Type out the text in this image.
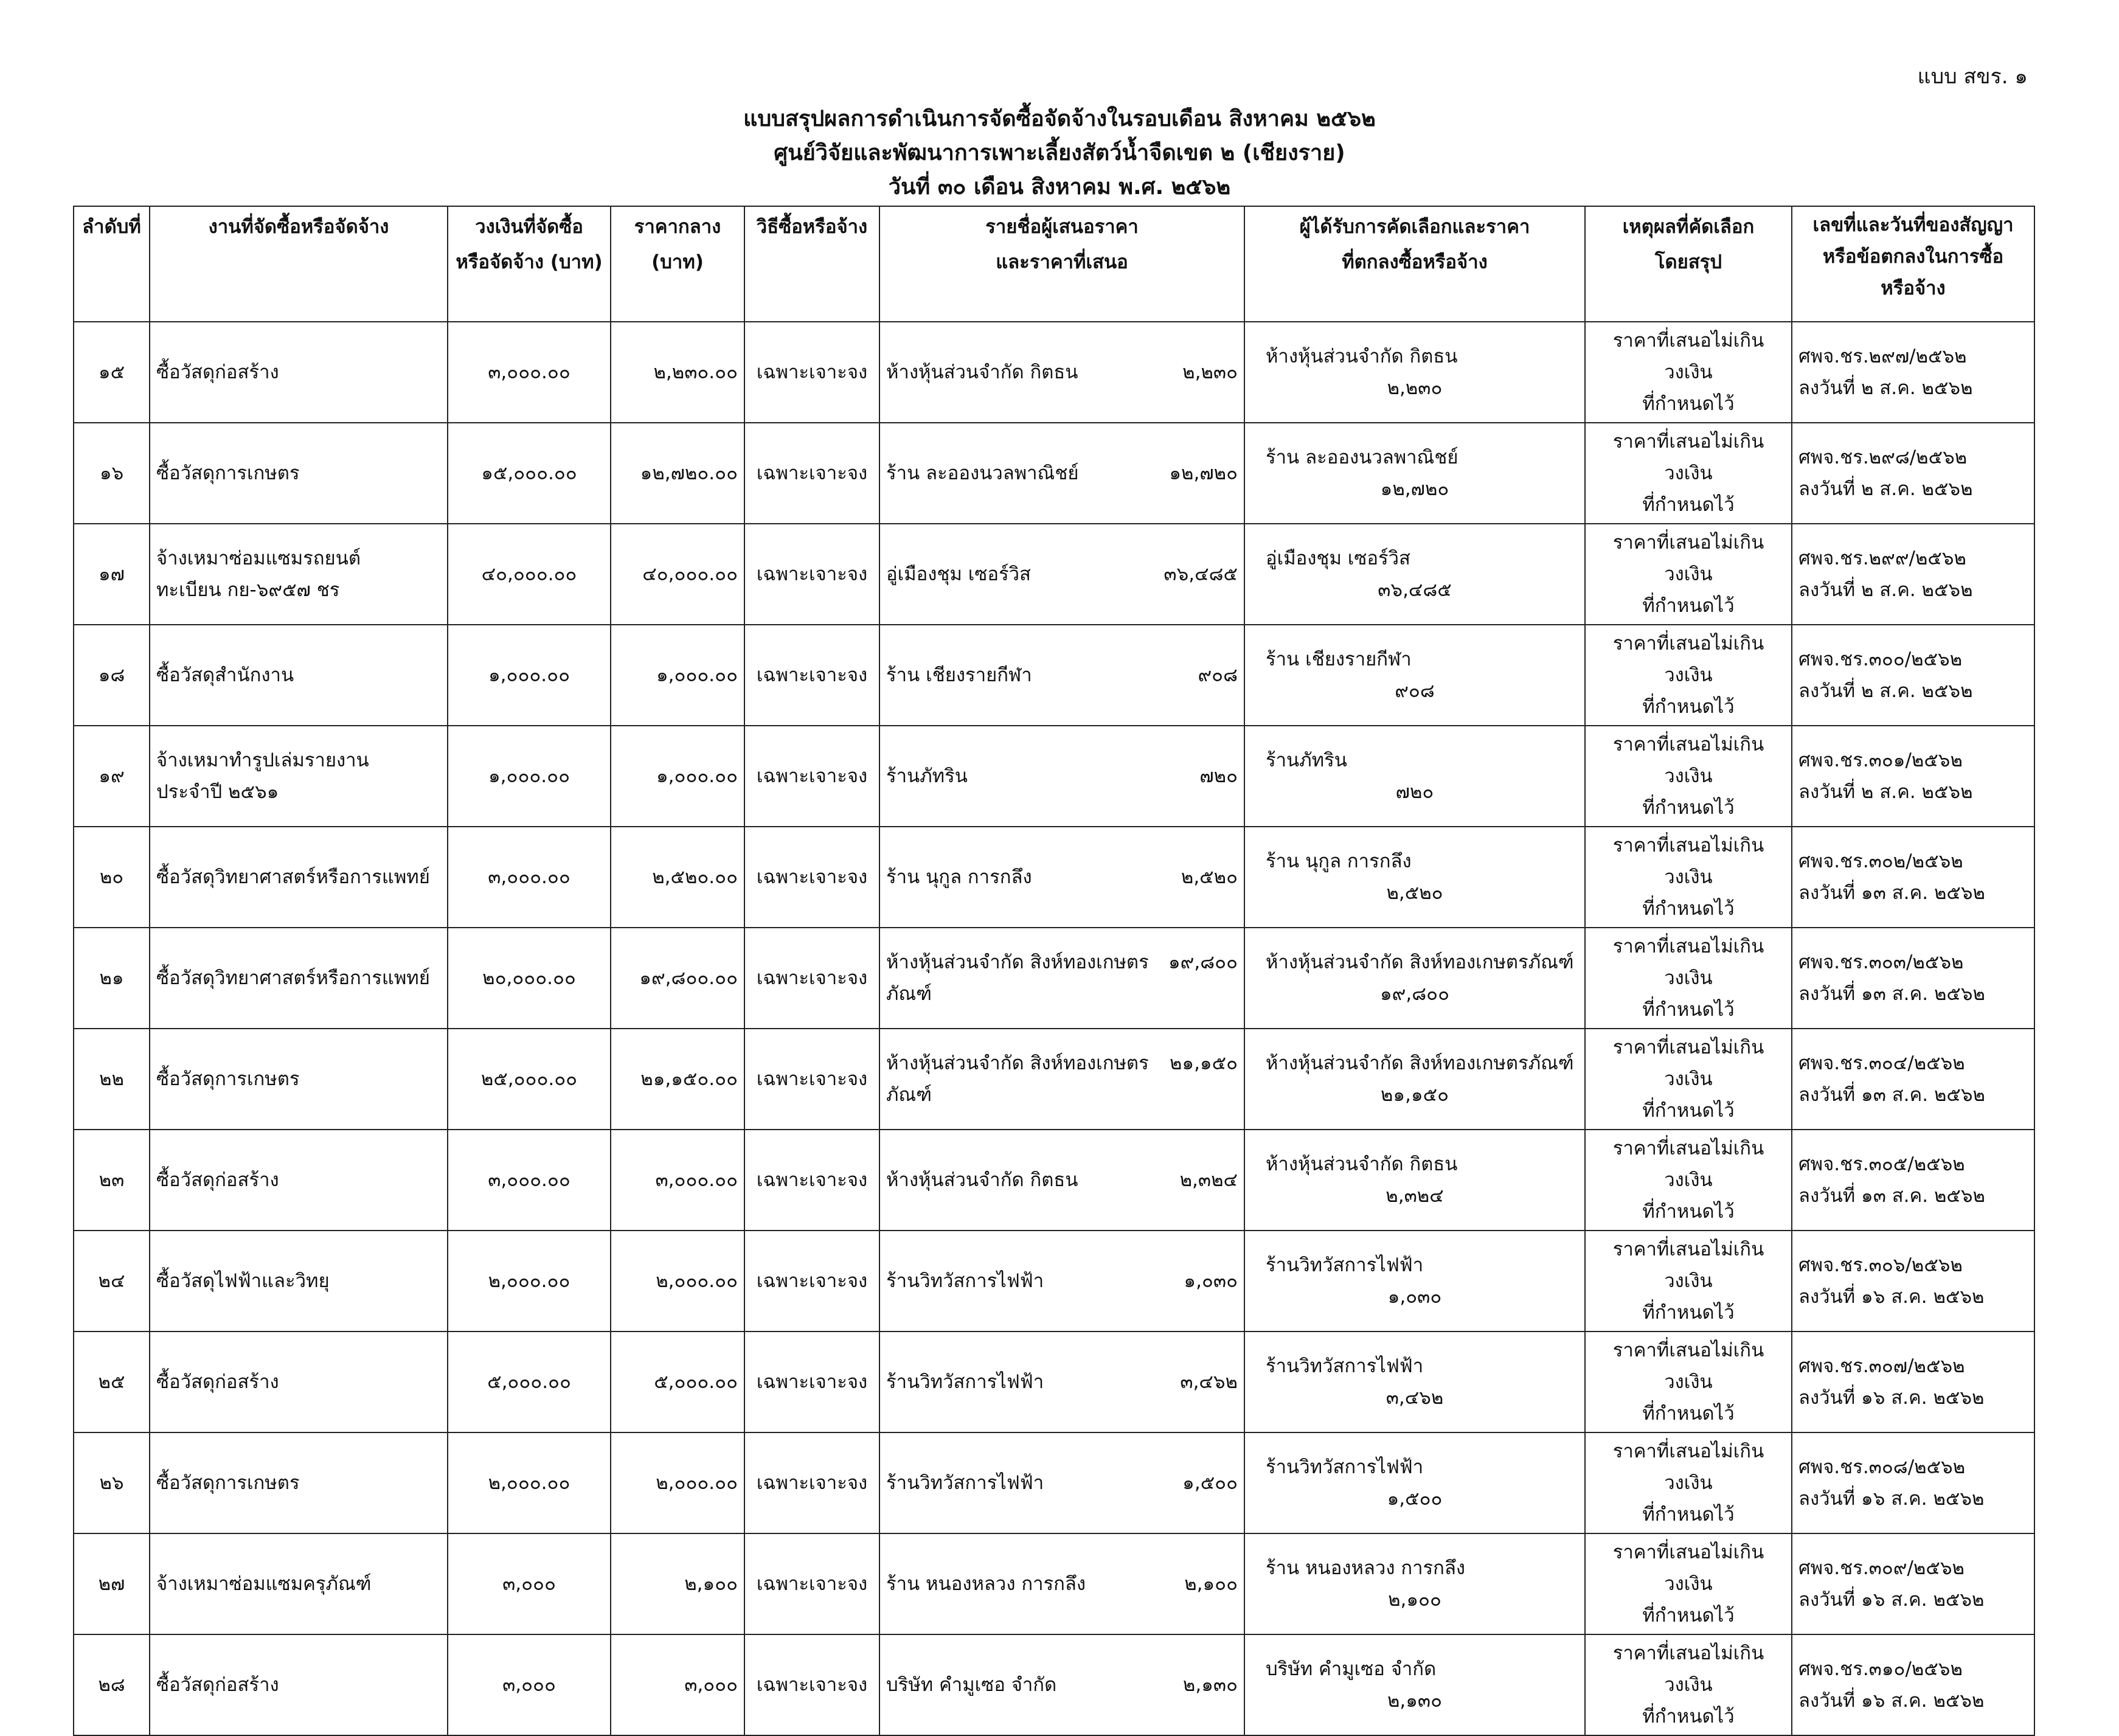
แบบ สขร. ๑
แบบสรุปผลการดำเนินการจัดซื้อจัดจ้างในรอบเดือน สิงหาคม ๒๕๖๒
ศูนย์วิจัยและพัฒนาการเพาะเลี้ยงสัตว์น้ำจืดเขต ๒ (เชียงราย)
วันที่ ๓๐ เดือน สิงหาคม พ.ศ. ๒๕๖๒
ลำดับที่	งานที่จัดซื้อหรือจัดจ้าง	วงเงินที่จัดซื้อ
หรือจัดจ้าง (บาท)	ราคากลาง
(บาท)	วิธีซื้อหรือจ้าง	รายชื่อผู้เสนอราคา
และราคาที่เสนอ	ผู้ได้รับการคัดเลือกและราคา
ที่ตกลงซื้อหรือจ้าง	เหตุผลที่คัดเลือก
โดยสรุป	เลขที่และวันที่ของสัญญา
หรือข้อตกลงในการซื้อ
หรือจ้าง

๑๕	ซื้อวัสดุก่อสร้าง	๓,๐๐๐.๐๐	๒,๒๓๐.๐๐	เฉพาะเจาะจง	ห้างหุ้นส่วนจำกัด กิตธน ๒,๒๓๐	ห้างหุ้นส่วนจำกัด กิตธน
๒,๒๓๐	ราคาที่เสนอไม่เกินวงเงิน
ที่กำหนดไว้	ศพจ.ชร.๒๙๗/๒๕๖๒
ลงวันที่ ๒ ส.ค. ๒๕๖๒

๑๖	ซื้อวัสดุการเกษตร	๑๕,๐๐๐.๐๐	๑๒,๗๒๐.๐๐	เฉพาะเจาะจง	ร้าน ละอองนวลพาณิชย์ ๑๒,๗๒๐	ร้าน ละอองนวลพาณิชย์
๑๒,๗๒๐	ราคาที่เสนอไม่เกินวงเงิน
ที่กำหนดไว้	ศพจ.ชร.๒๙๘/๒๕๖๒
ลงวันที่ ๒ ส.ค. ๒๕๖๒

๑๗	จ้างเหมาซ่อมแซมรถยนต์
ทะเบียน กย-๖๙๕๗ ชร	๔๐,๐๐๐.๐๐	๔๐,๐๐๐.๐๐	เฉพาะเจาะจง	อู่เมืองชุม เซอร์วิส ๓๖,๔๘๕	อู่เมืองชุม เซอร์วิส
๓๖,๔๘๕	ราคาที่เสนอไม่เกินวงเงิน
ที่กำหนดไว้	ศพจ.ชร.๒๙๙/๒๕๖๒
ลงวันที่ ๒ ส.ค. ๒๕๖๒

๑๘	ซื้อวัสดุสำนักงาน	๑,๐๐๐.๐๐	๑,๐๐๐.๐๐	เฉพาะเจาะจง	ร้าน เชียงรายกีฬา ๙๐๘	ร้าน เชียงรายกีฬา
๙๐๘	ราคาที่เสนอไม่เกินวงเงิน
ที่กำหนดไว้	ศพจ.ชร.๓๐๐/๒๕๖๒
ลงวันที่ ๒ ส.ค. ๒๕๖๒

๑๙	จ้างเหมาทำรูปเล่มรายงาน
ประจำปี ๒๕๖๑	๑,๐๐๐.๐๐	๑,๐๐๐.๐๐	เฉพาะเจาะจง	ร้านภัทริน ๗๒๐	ร้านภัทริน
๗๒๐	ราคาที่เสนอไม่เกินวงเงิน
ที่กำหนดไว้	ศพจ.ชร.๓๐๑/๒๕๖๒
ลงวันที่ ๒ ส.ค. ๒๕๖๒

๒๐	ซื้อวัสดุวิทยาศาสตร์หรือการแพทย์	๓,๐๐๐.๐๐	๒,๕๒๐.๐๐	เฉพาะเจาะจง	ร้าน นุกูล การกลึง ๒,๕๒๐	ร้าน นุกูล การกลึง
๒,๕๒๐	ราคาที่เสนอไม่เกินวงเงิน
ที่กำหนดไว้	ศพจ.ชร.๓๐๒/๒๕๖๒
ลงวันที่ ๑๓ ส.ค. ๒๕๖๒

๒๑	ซื้อวัสดุวิทยาศาสตร์หรือการแพทย์	๒๐,๐๐๐.๐๐	๑๙,๘๐๐.๐๐	เฉพาะเจาะจง	ห้างหุ้นส่วนจำกัด สิงห์ทองเกษตรภัณฑ์
๑๙,๘๐๐	ห้างหุ้นส่วนจำกัด สิงห์ทองเกษตรภัณฑ์
๑๙,๘๐๐	ราคาที่เสนอไม่เกินวงเงิน
ที่กำหนดไว้	ศพจ.ชร.๓๐๓/๒๕๖๒
ลงวันที่ ๑๓ ส.ค. ๒๕๖๒

๒๒	ซื้อวัสดุการเกษตร	๒๕,๐๐๐.๐๐	๒๑,๑๕๐.๐๐	เฉพาะเจาะจง	ห้างหุ้นส่วนจำกัด สิงห์ทองเกษตรภัณฑ์
๒๑,๑๕๐	ห้างหุ้นส่วนจำกัด สิงห์ทองเกษตรภัณฑ์
๒๑,๑๕๐	ราคาที่เสนอไม่เกินวงเงิน
ที่กำหนดไว้	ศพจ.ชร.๓๐๔/๒๕๖๒
ลงวันที่ ๑๓ ส.ค. ๒๕๖๒

๒๓	ซื้อวัสดุก่อสร้าง	๓,๐๐๐.๐๐	๓,๐๐๐.๐๐	เฉพาะเจาะจง	ห้างหุ้นส่วนจำกัด กิตธน ๒,๓๒๔	ห้างหุ้นส่วนจำกัด กิตธน
๒,๓๒๔	ราคาที่เสนอไม่เกินวงเงิน
ที่กำหนดไว้	ศพจ.ชร.๓๐๕/๒๕๖๒
ลงวันที่ ๑๓ ส.ค. ๒๕๖๒

๒๔	ซื้อวัสดุไฟฟ้าและวิทยุ	๒,๐๐๐.๐๐	๒,๐๐๐.๐๐	เฉพาะเจาะจง	ร้านวิทวัสการไฟฟ้า ๑,๐๓๐	ร้านวิทวัสการไฟฟ้า
๑,๐๓๐	ราคาที่เสนอไม่เกินวงเงิน
ที่กำหนดไว้	ศพจ.ชร.๓๐๖/๒๕๖๒
ลงวันที่ ๑๖ ส.ค. ๒๕๖๒

๒๕	ซื้อวัสดุก่อสร้าง	๕,๐๐๐.๐๐	๕,๐๐๐.๐๐	เฉพาะเจาะจง	ร้านวิทวัสการไฟฟ้า ๓,๔๖๒	ร้านวิทวัสการไฟฟ้า
๓,๔๖๒	ราคาที่เสนอไม่เกินวงเงิน
ที่กำหนดไว้	ศพจ.ชร.๓๐๗/๒๕๖๒
ลงวันที่ ๑๖ ส.ค. ๒๕๖๒

๒๖	ซื้อวัสดุการเกษตร	๒,๐๐๐.๐๐	๒,๐๐๐.๐๐	เฉพาะเจาะจง	ร้านวิทวัสการไฟฟ้า ๑,๕๐๐	ร้านวิทวัสการไฟฟ้า
๑,๕๐๐	ราคาที่เสนอไม่เกินวงเงิน
ที่กำหนดไว้	ศพจ.ชร.๓๐๘/๒๕๖๒
ลงวันที่ ๑๖ ส.ค. ๒๕๖๒

๒๗	จ้างเหมาซ่อมแซมครุภัณฑ์	๓,๐๐๐	๒,๑๐๐	เฉพาะเจาะจง	ร้าน หนองหลวง การกลึง ๒,๑๐๐	ร้าน หนองหลวง การกลึง
๒,๑๐๐	ราคาที่เสนอไม่เกินวงเงิน
ที่กำหนดไว้	ศพจ.ชร.๓๐๙/๒๕๖๒
ลงวันที่ ๑๖ ส.ค. ๒๕๖๒

๒๘	ซื้อวัสดุก่อสร้าง	๓,๐๐๐	๓,๐๐๐	เฉพาะเจาะจง	บริษัท คำมูเซอ จำกัด ๒,๑๓๐	บริษัท คำมูเซอ จำกัด
๒,๑๓๐	ราคาที่เสนอไม่เกินวงเงิน
ที่กำหนดไว้	ศพจ.ชร.๓๑๐/๒๕๖๒
ลงวันที่ ๑๖ ส.ค. ๒๕๖๒
